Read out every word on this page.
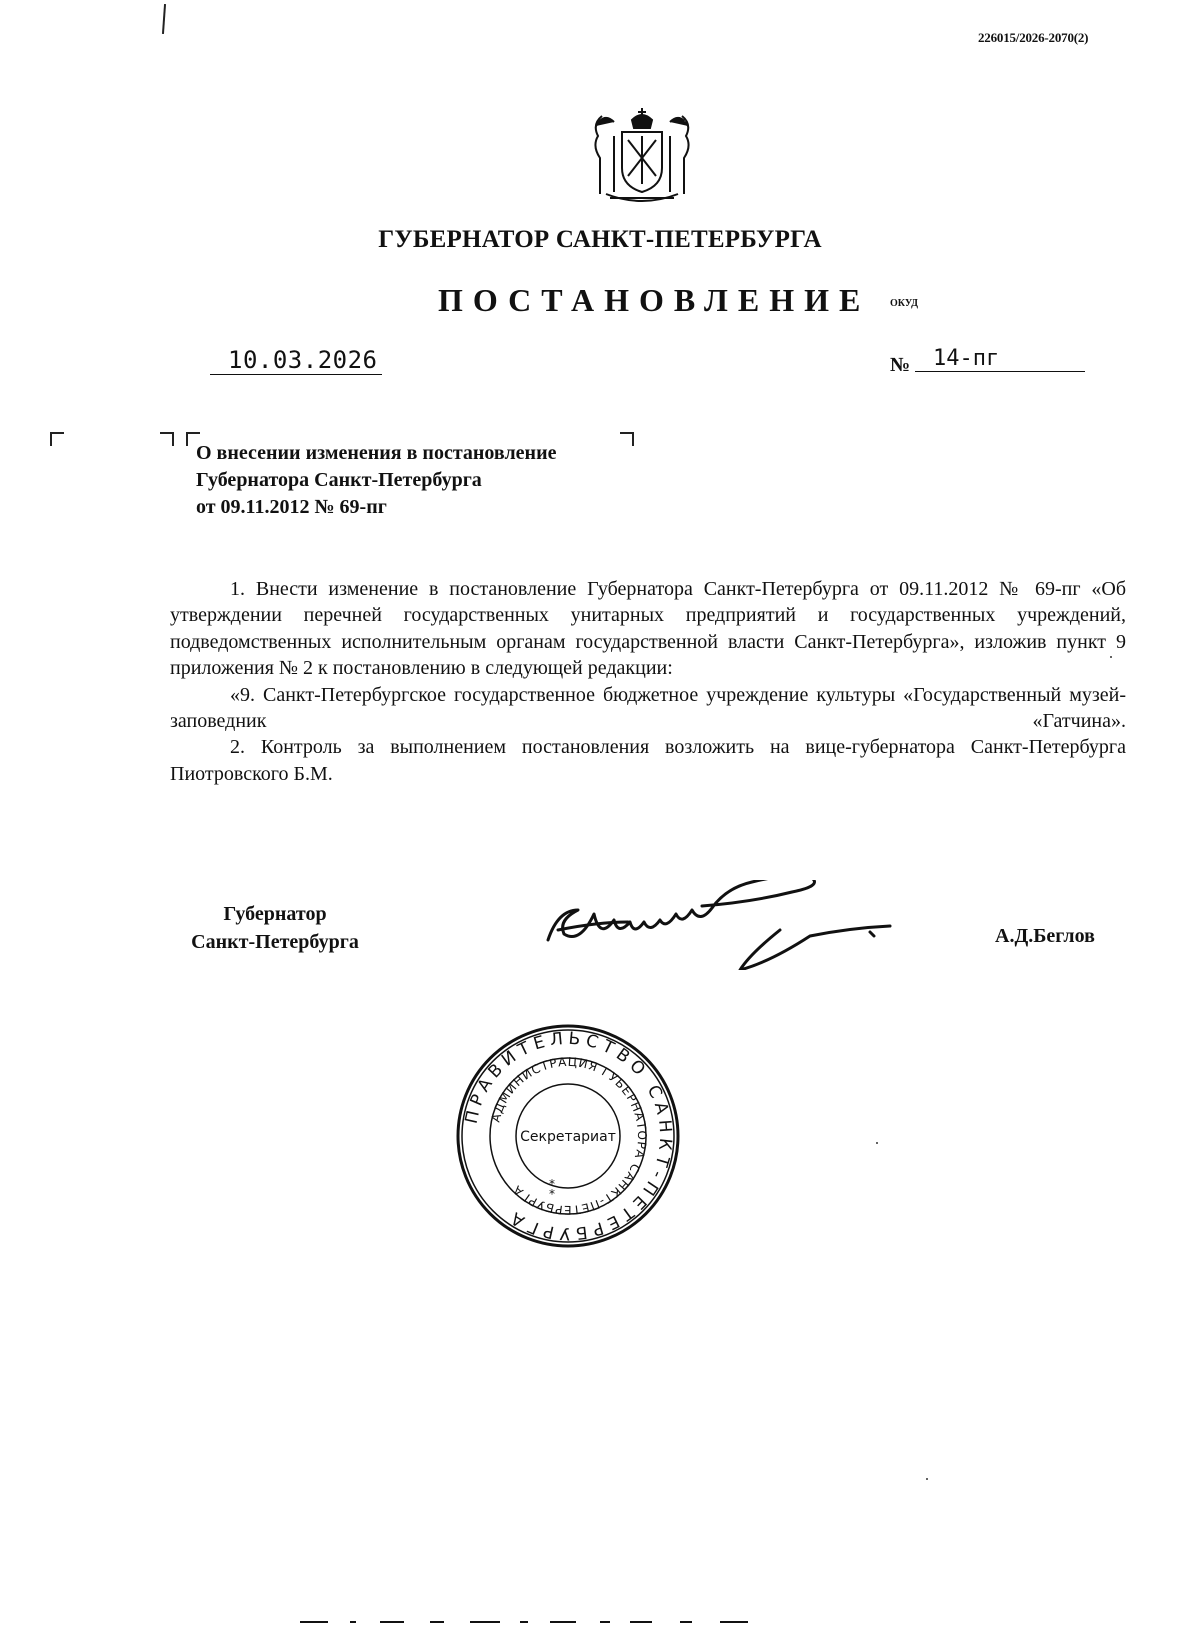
226015/2026-2070(2)
ГУБЕРНАТОР САНКТ-ПЕТЕРБУРГА
ПОСТАНОВЛЕНИЕ ОКУД
10.03.2026	№	14-пг
О внесении изменения в постановление
Губернатора Санкт-Петербурга
от 09.11.2012 № 69-пг

1. Внести изменение в постановление Губернатора Санкт-Петербурга от 09.11.2012 № 69-пг «Об утверждении перечней государственных унитарных предприятий и государственных учреждений, подведомственных исполнительным органам государственной власти Санкт-Петербурга», изложив пункт 9 приложения № 2 к постановлению в следующей редакции:

«9. Санкт-Петербургское государственное бюджетное учреждение культуры «Государственный музей-заповедник «Гатчина».

2. Контроль за выполнением постановления возложить на вице-губернатора Санкт-Петербурга Пиотровского Б.М.

Губернатор
Санкт-Петербурга	А.Д.Беглов
ПРАВИТЕЛЬСТВО САНКТ-ПЕТЕРБУРГА
АДМИНИСТРАЦИЯ ГУБЕРНАТОРА САНКТ-ПЕТЕРБУРГА
Секретариат
*
*
